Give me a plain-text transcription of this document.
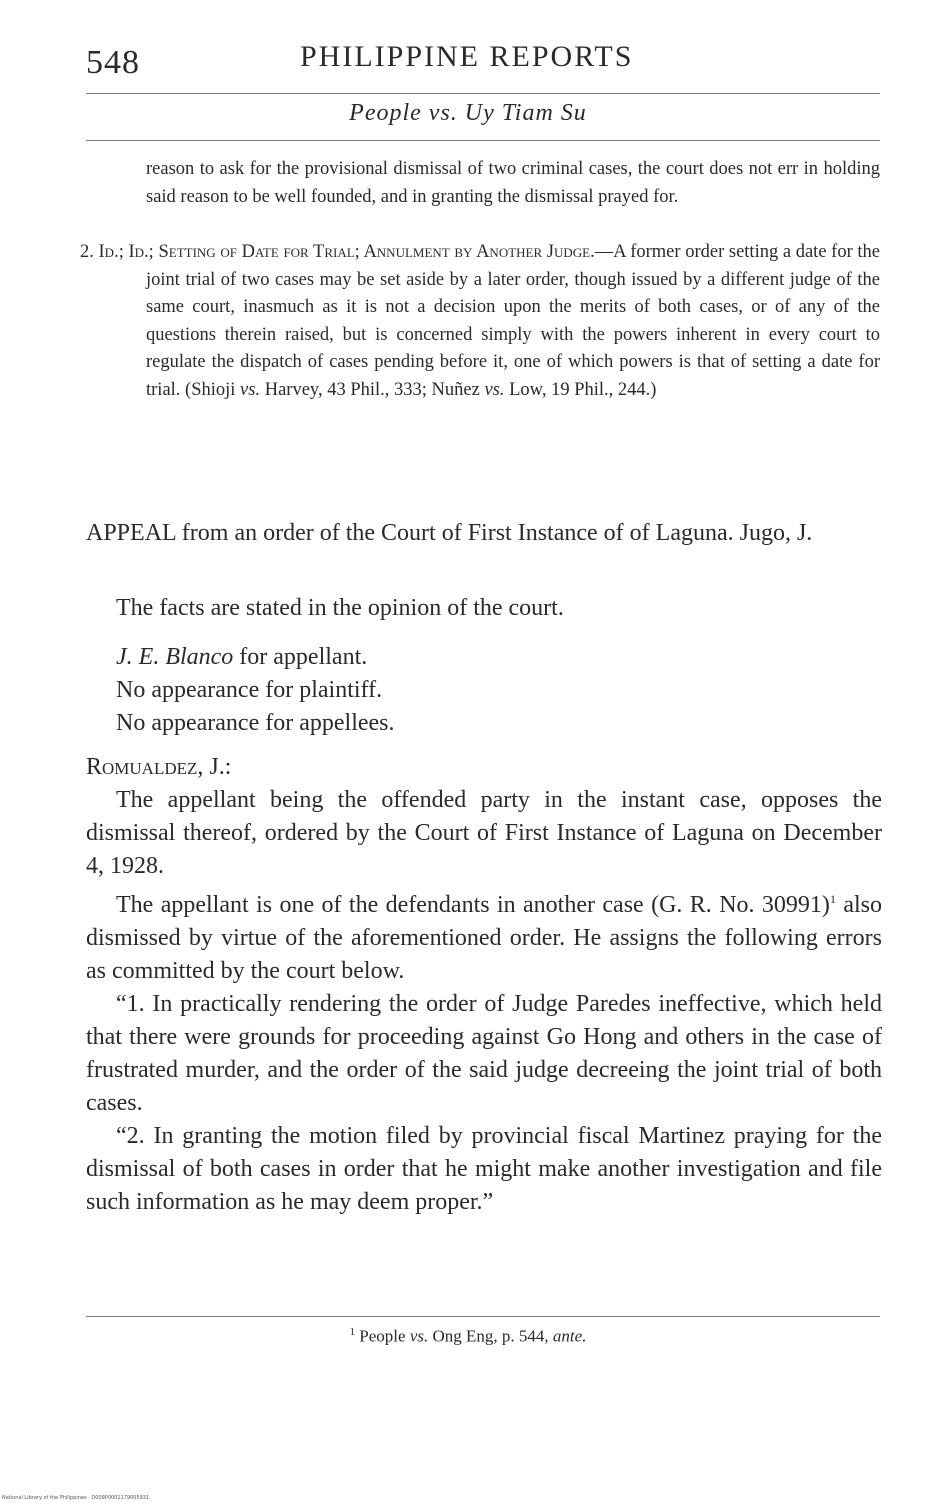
548	PHILIPPINE REPORTS
People vs. Uy Tiam Su

reason to ask for the provisional dismissal of two criminal cases, the court does not err in holding said reason to be well founded, and in granting the dismissal prayed for.

2. Id.; Id.; Setting of Date for Trial; Annulment by Another Judge.—A former order setting a date for the joint trial of two cases may be set aside by a later order, though issued by a different judge of the same court, inasmuch as it is not a decision upon the merits of both cases, or of any of the questions therein raised, but is concerned simply with the powers inherent in every court to regulate the dispatch of cases pending before it, one of which powers is that of setting a date for trial. (Shioji vs. Harvey, 43 Phil., 333; Nuñez vs. Low, 19 Phil., 244.)

APPEAL from an order of the Court of First Instance of of Laguna. Jugo, J.

The facts are stated in the opinion of the court.

J. E. Blanco for appellant.

No appearance for plaintiff.

No appearance for appellees.

Romualdez, J.:

The appellant being the offended party in the instant case, opposes the dismissal thereof, ordered by the Court of First Instance of Laguna on December 4, 1928.

The appellant is one of the defendants in another case (G. R. No. 30991)$^1$ also dismissed by virtue of the aforementioned order. He assigns the following errors as committed by the court below.

“1. In practically rendering the order of Judge Paredes ineffective, which held that there were grounds for proceeding against Go Hong and others in the case of frustrated murder, and the order of the said judge decreeing the joint trial of both cases.

“2. In granting the motion filed by provincial fiscal Martinez praying for the dismissal of both cases in order that he might make another investigation and file such information as he may deem proper.”

$^1$ People vs. Ong Eng, p. 544, ante.
National Library of the Philippines · D009P0001179005931
